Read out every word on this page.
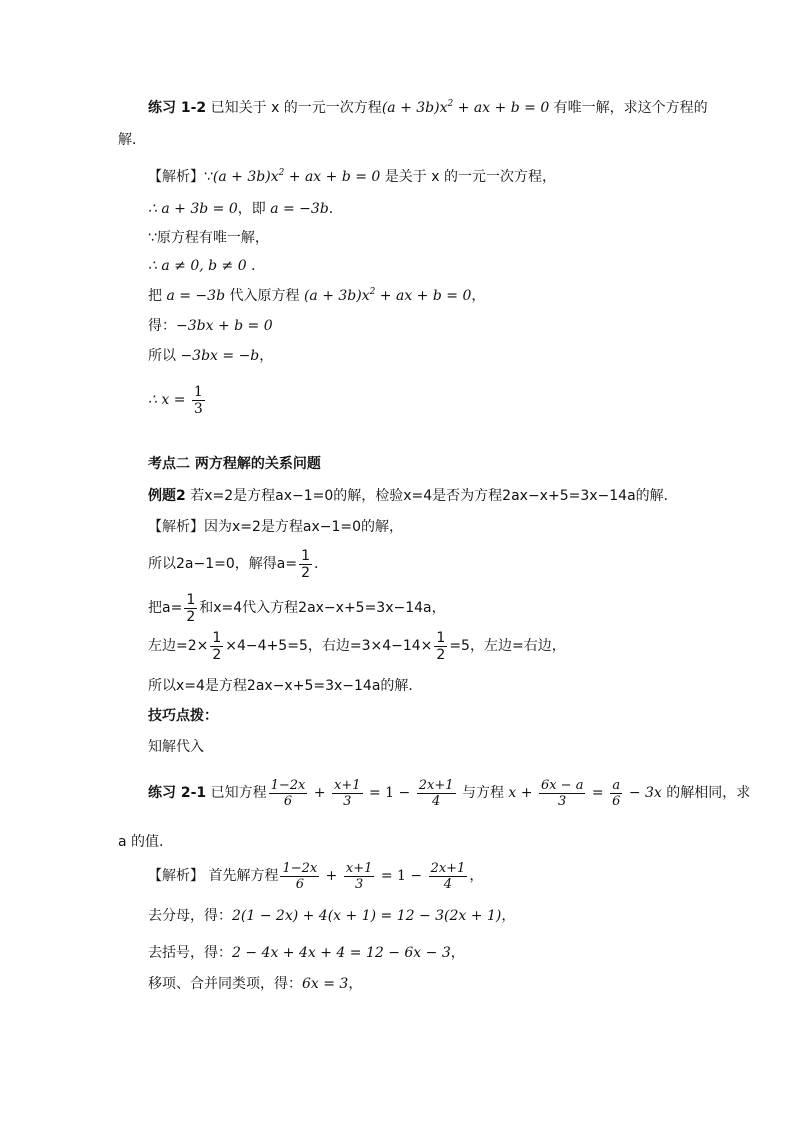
练习 1-2 已知关于 x 的一元一次方程$(a + 3b)x^2$ + ax + b = 0 有唯一解，求这个方程的
解．
【解析】∵(a + $3b)x^2$ + ax + b = 0 是关于 x 的一元一次方程，
∴ a + 3b = 0，即 a = −3b．
∵原方程有唯一解，
∴ a ≠ 0, b ≠ 0 ．
把 a = −3b 代入原方程 $(a + 3b)x^2$ + ax + b = 0，
得：−3bx + b = 0
所以 −3bx = −b，
∴ $x = \frac{1}{3}$
考点二 两方程解的关系问题
例题2 若x=2是方程ax−1=0的解，检验x=4是否为方程2ax−x+5=3x−14a的解．
【解析】因为x=2是方程ax−1=0的解，
所以2a−1=0，解得$a= \frac{1}{2}$ ．
把$a= \frac{1}{2}$ 和x=4代入方程2ax−x+5=3x−14a，
左边$=2\times \frac{1}{2} \times 4-4+5=5$，右边$=3\times 4-14\times \frac{1}{2} =5$，左边=右边，
所以x=4是方程2ax−x+5=3x−14a的解．
技巧点拨：
知解代入
练习 2-1 已知方程 $\frac{1-2x}{6} + \frac{x+1}{3} = 1 - \frac{2x+1}{4}$ 与方程 $x + \frac{6x - a}{3} = \frac{a}{6} - 3x$ 的解相同，求
a 的值．
【解析】 首先解方程 $\frac{1-2x}{6} + \frac{x+1}{3} = 1 - \frac{2x+1}{4}$ ，
去分母，得：2(1 − 2x) + 4(x + 1) = 12 − 3(2x + 1)，
去括号，得：2 − 4x + 4x + 4 = 12 − 6x − 3，
移项、合并同类项，得：6x = 3，
